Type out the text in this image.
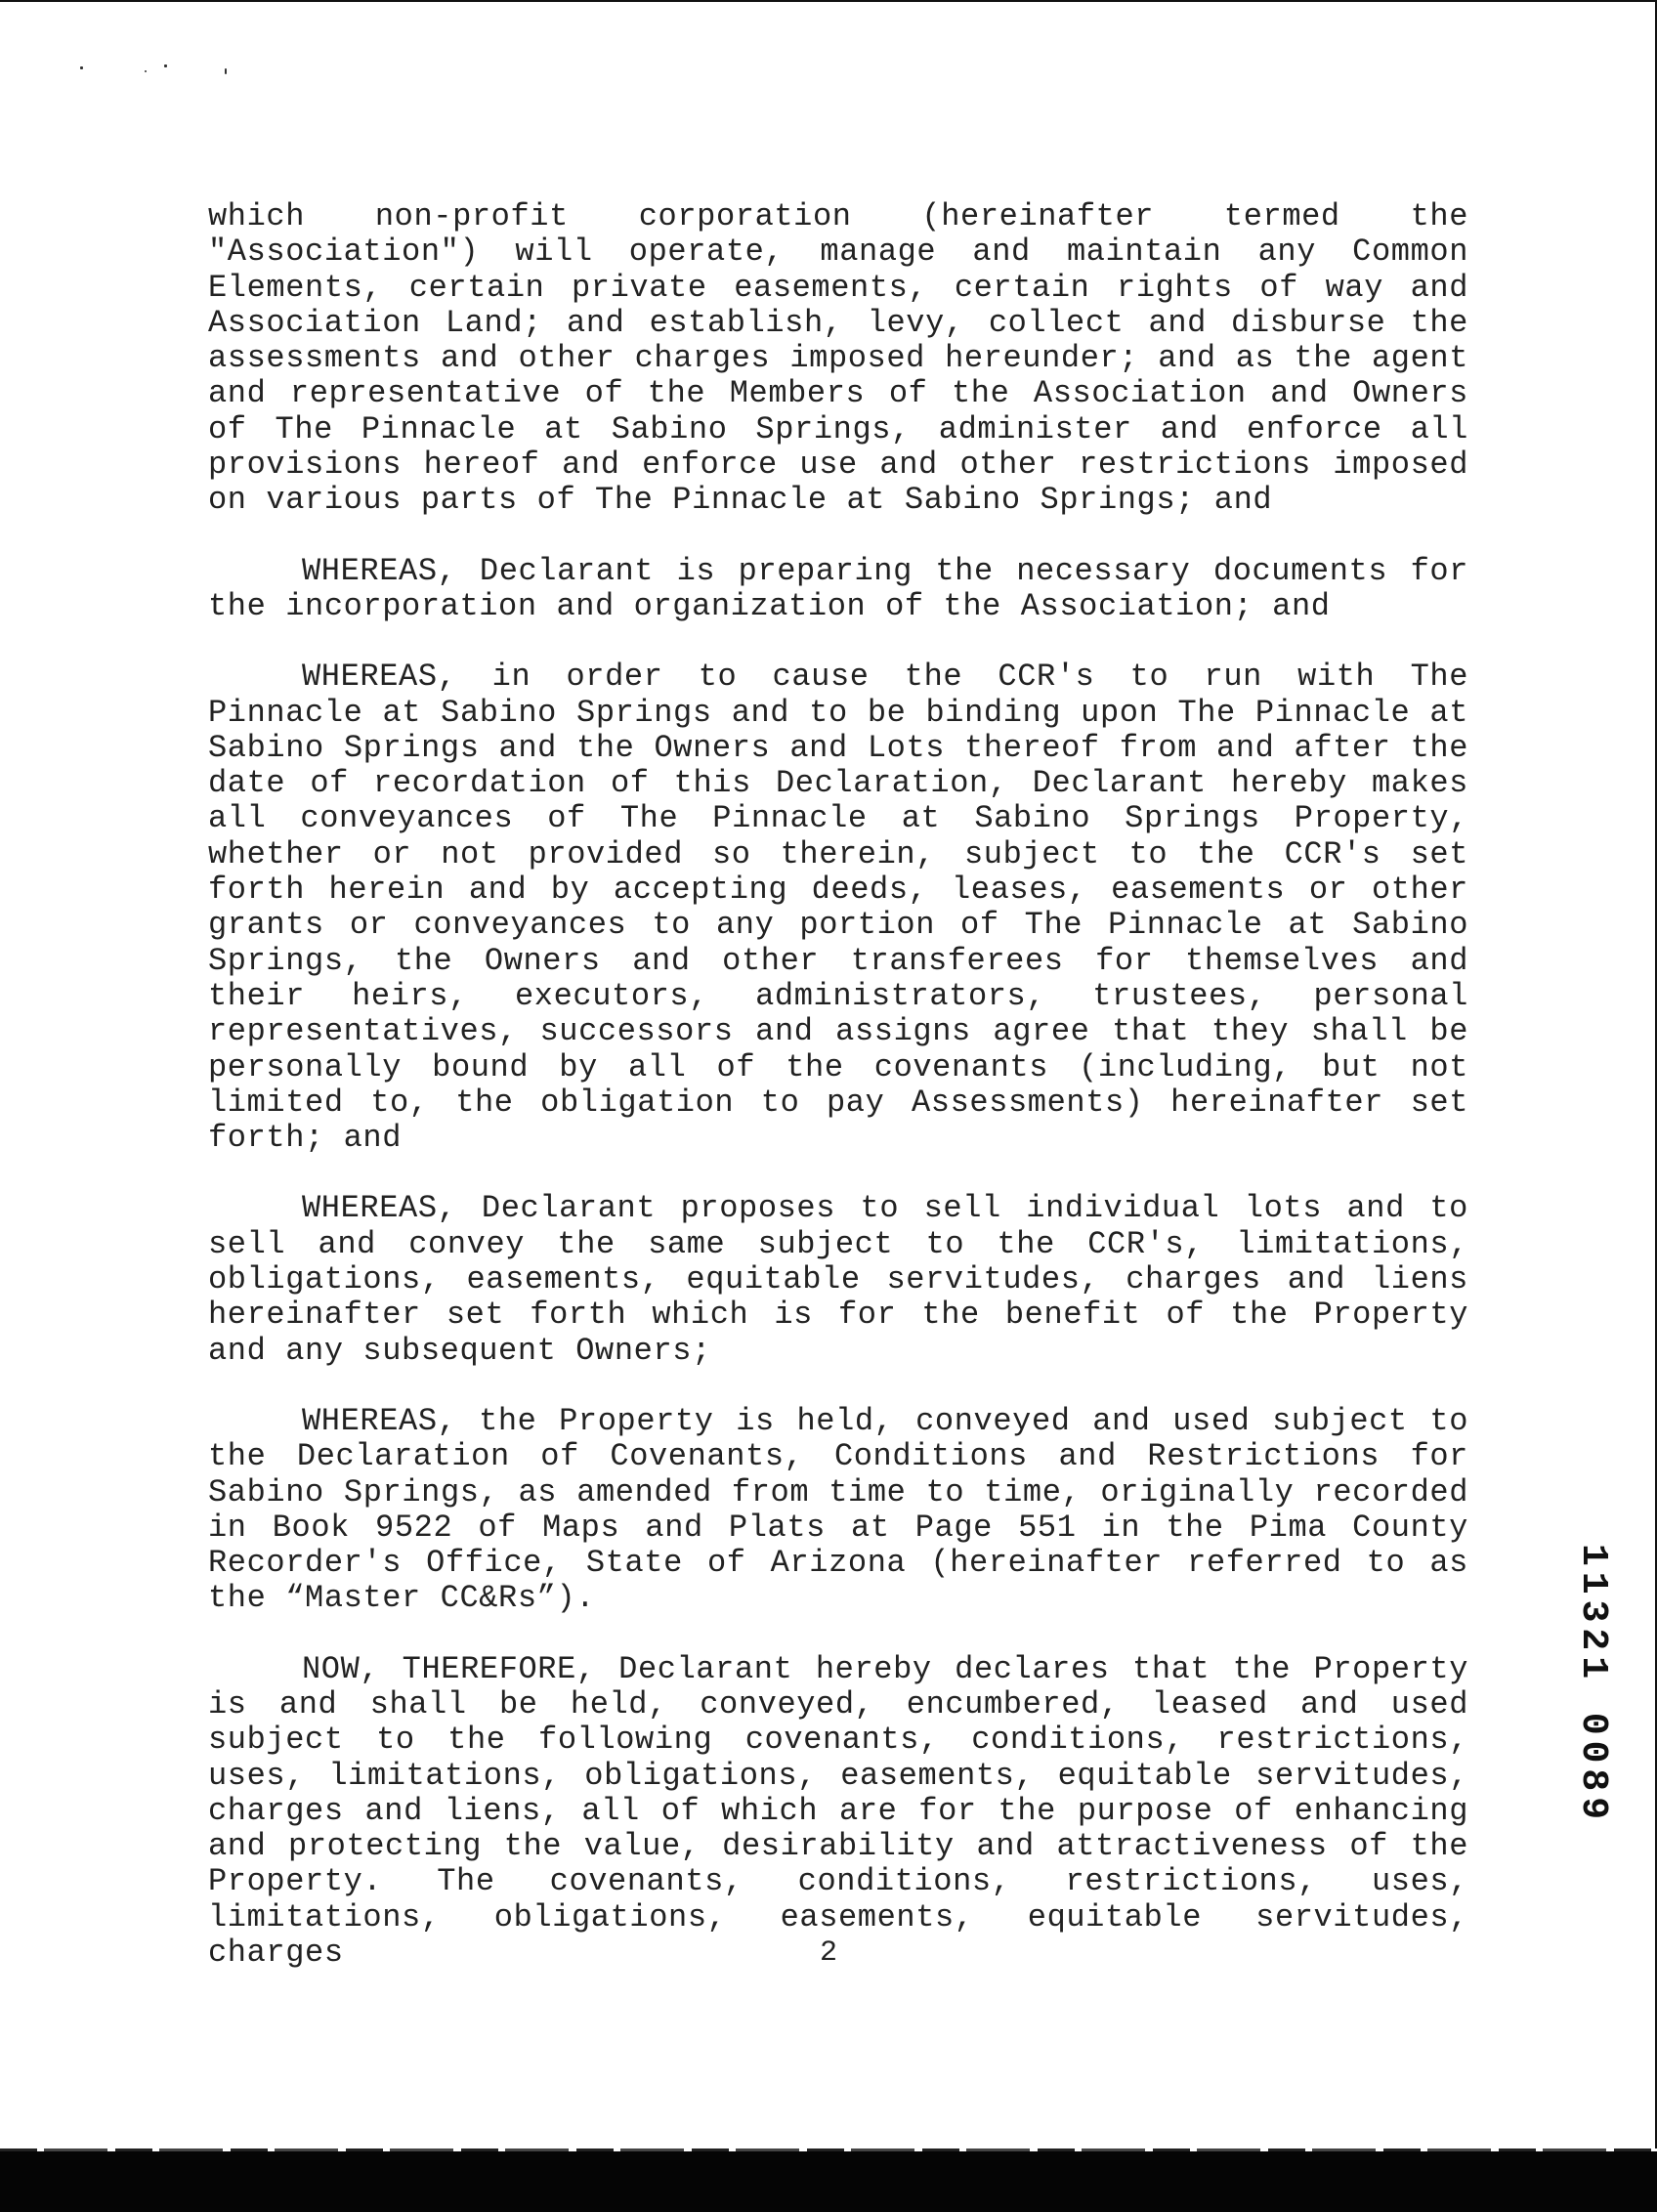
which non-profit corporation (hereinafter termed the "Association") will operate, manage and maintain any Common Elements, certain private easements, certain rights of way and Association Land; and establish, levy, collect and disburse the assessments and other charges imposed hereunder; and as the agent and representative of the Members of the Association and Owners of The Pinnacle at Sabino Springs, administer and enforce all provisions hereof and enforce use and other restrictions imposed on various parts of The Pinnacle at Sabino Springs; and

WHEREAS, Declarant is preparing the necessary documents for the incorporation and organization of the Association; and

WHEREAS, in order to cause the CCR's to run with The Pinnacle at Sabino Springs and to be binding upon The Pinnacle at Sabino Springs and the Owners and Lots thereof from and after the date of recordation of this Declaration, Declarant hereby makes all conveyances of The Pinnacle at Sabino Springs Property, whether or not provided so therein, subject to the CCR's set forth herein and by accepting deeds, leases, easements or other grants or conveyances to any portion of The Pinnacle at Sabino Springs, the Owners and other transferees for themselves and their heirs, executors, administrators, trustees, personal representatives, successors and assigns agree that they shall be personally bound by all of the covenants (including, but not limited to, the obligation to pay Assessments) hereinafter set forth; and

WHEREAS, Declarant proposes to sell individual lots and to sell and convey the same subject to the CCR's, limitations, obligations, easements, equitable servitudes, charges and liens hereinafter set forth which is for the benefit of the Property and any subsequent Owners;

WHEREAS, the Property is held, conveyed and used subject to the Declaration of Covenants, Conditions and Restrictions for Sabino Springs, as amended from time to time, originally recorded in Book 9522 of Maps and Plats at Page 551 in the Pima County Recorder's Office, State of Arizona (hereinafter referred to as the “Master CC&Rs”).

NOW, THEREFORE, Declarant hereby declares that the Property is and shall be held, conveyed, encumbered, leased and used subject to the following covenants, conditions, restrictions, uses, limitations, obligations, easements, equitable servitudes, charges and liens, all of which are for the purpose of enhancing and protecting the value, desirability and attractiveness of the Property. The covenants, conditions, restrictions, uses, limitations, obligations, easements, equitable servitudes, charges

11321 0089
2
